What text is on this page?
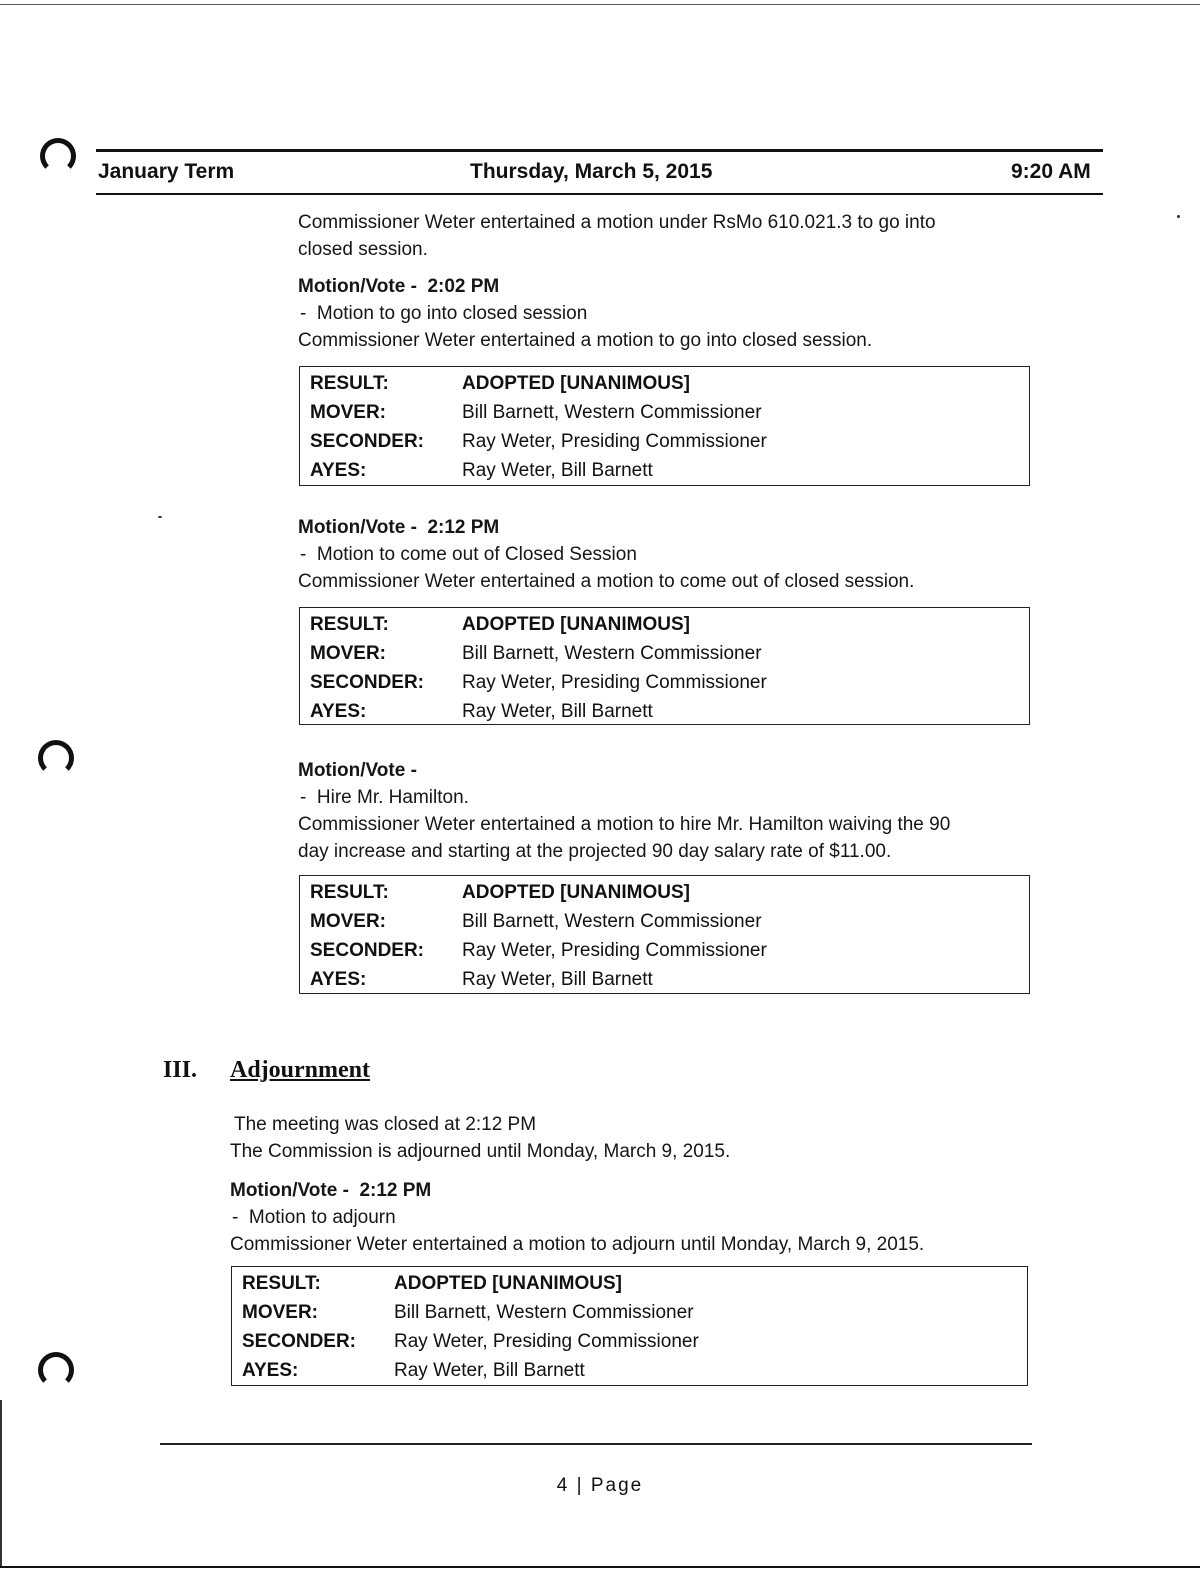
January Term	Thursday, March 5, 2015	9:20 AM
Commissioner Weter entertained a motion under RsMo 610.021.3 to go into
closed session.
Motion/Vote -  2:02 PM
-  Motion to go into closed session
Commissioner Weter entertained a motion to go into closed session.
RESULT:	ADOPTED [UNANIMOUS]
MOVER:	Bill Barnett, Western Commissioner
SECONDER:	Ray Weter, Presiding Commissioner
AYES:	Ray Weter, Bill Barnett
Motion/Vote -  2:12 PM
-  Motion to come out of Closed Session
Commissioner Weter entertained a motion to come out of closed session.
RESULT:	ADOPTED [UNANIMOUS]
MOVER:	Bill Barnett, Western Commissioner
SECONDER:	Ray Weter, Presiding Commissioner
AYES:	Ray Weter, Bill Barnett
Motion/Vote -
-  Hire Mr. Hamilton.
Commissioner Weter entertained a motion to hire Mr. Hamilton waiving the 90
day increase and starting at the projected 90 day salary rate of $11.00.
RESULT:	ADOPTED [UNANIMOUS]
MOVER:	Bill Barnett, Western Commissioner
SECONDER:	Ray Weter, Presiding Commissioner
AYES:	Ray Weter, Bill Barnett
III. Adjournment
The meeting was closed at 2:12 PM
The Commission is adjourned until Monday, March 9, 2015.
Motion/Vote -  2:12 PM
-  Motion to adjourn
Commissioner Weter entertained a motion to adjourn until Monday, March 9, 2015.
RESULT:	ADOPTED [UNANIMOUS]
MOVER:	Bill Barnett, Western Commissioner
SECONDER:	Ray Weter, Presiding Commissioner
AYES:	Ray Weter, Bill Barnett
4 | Page
